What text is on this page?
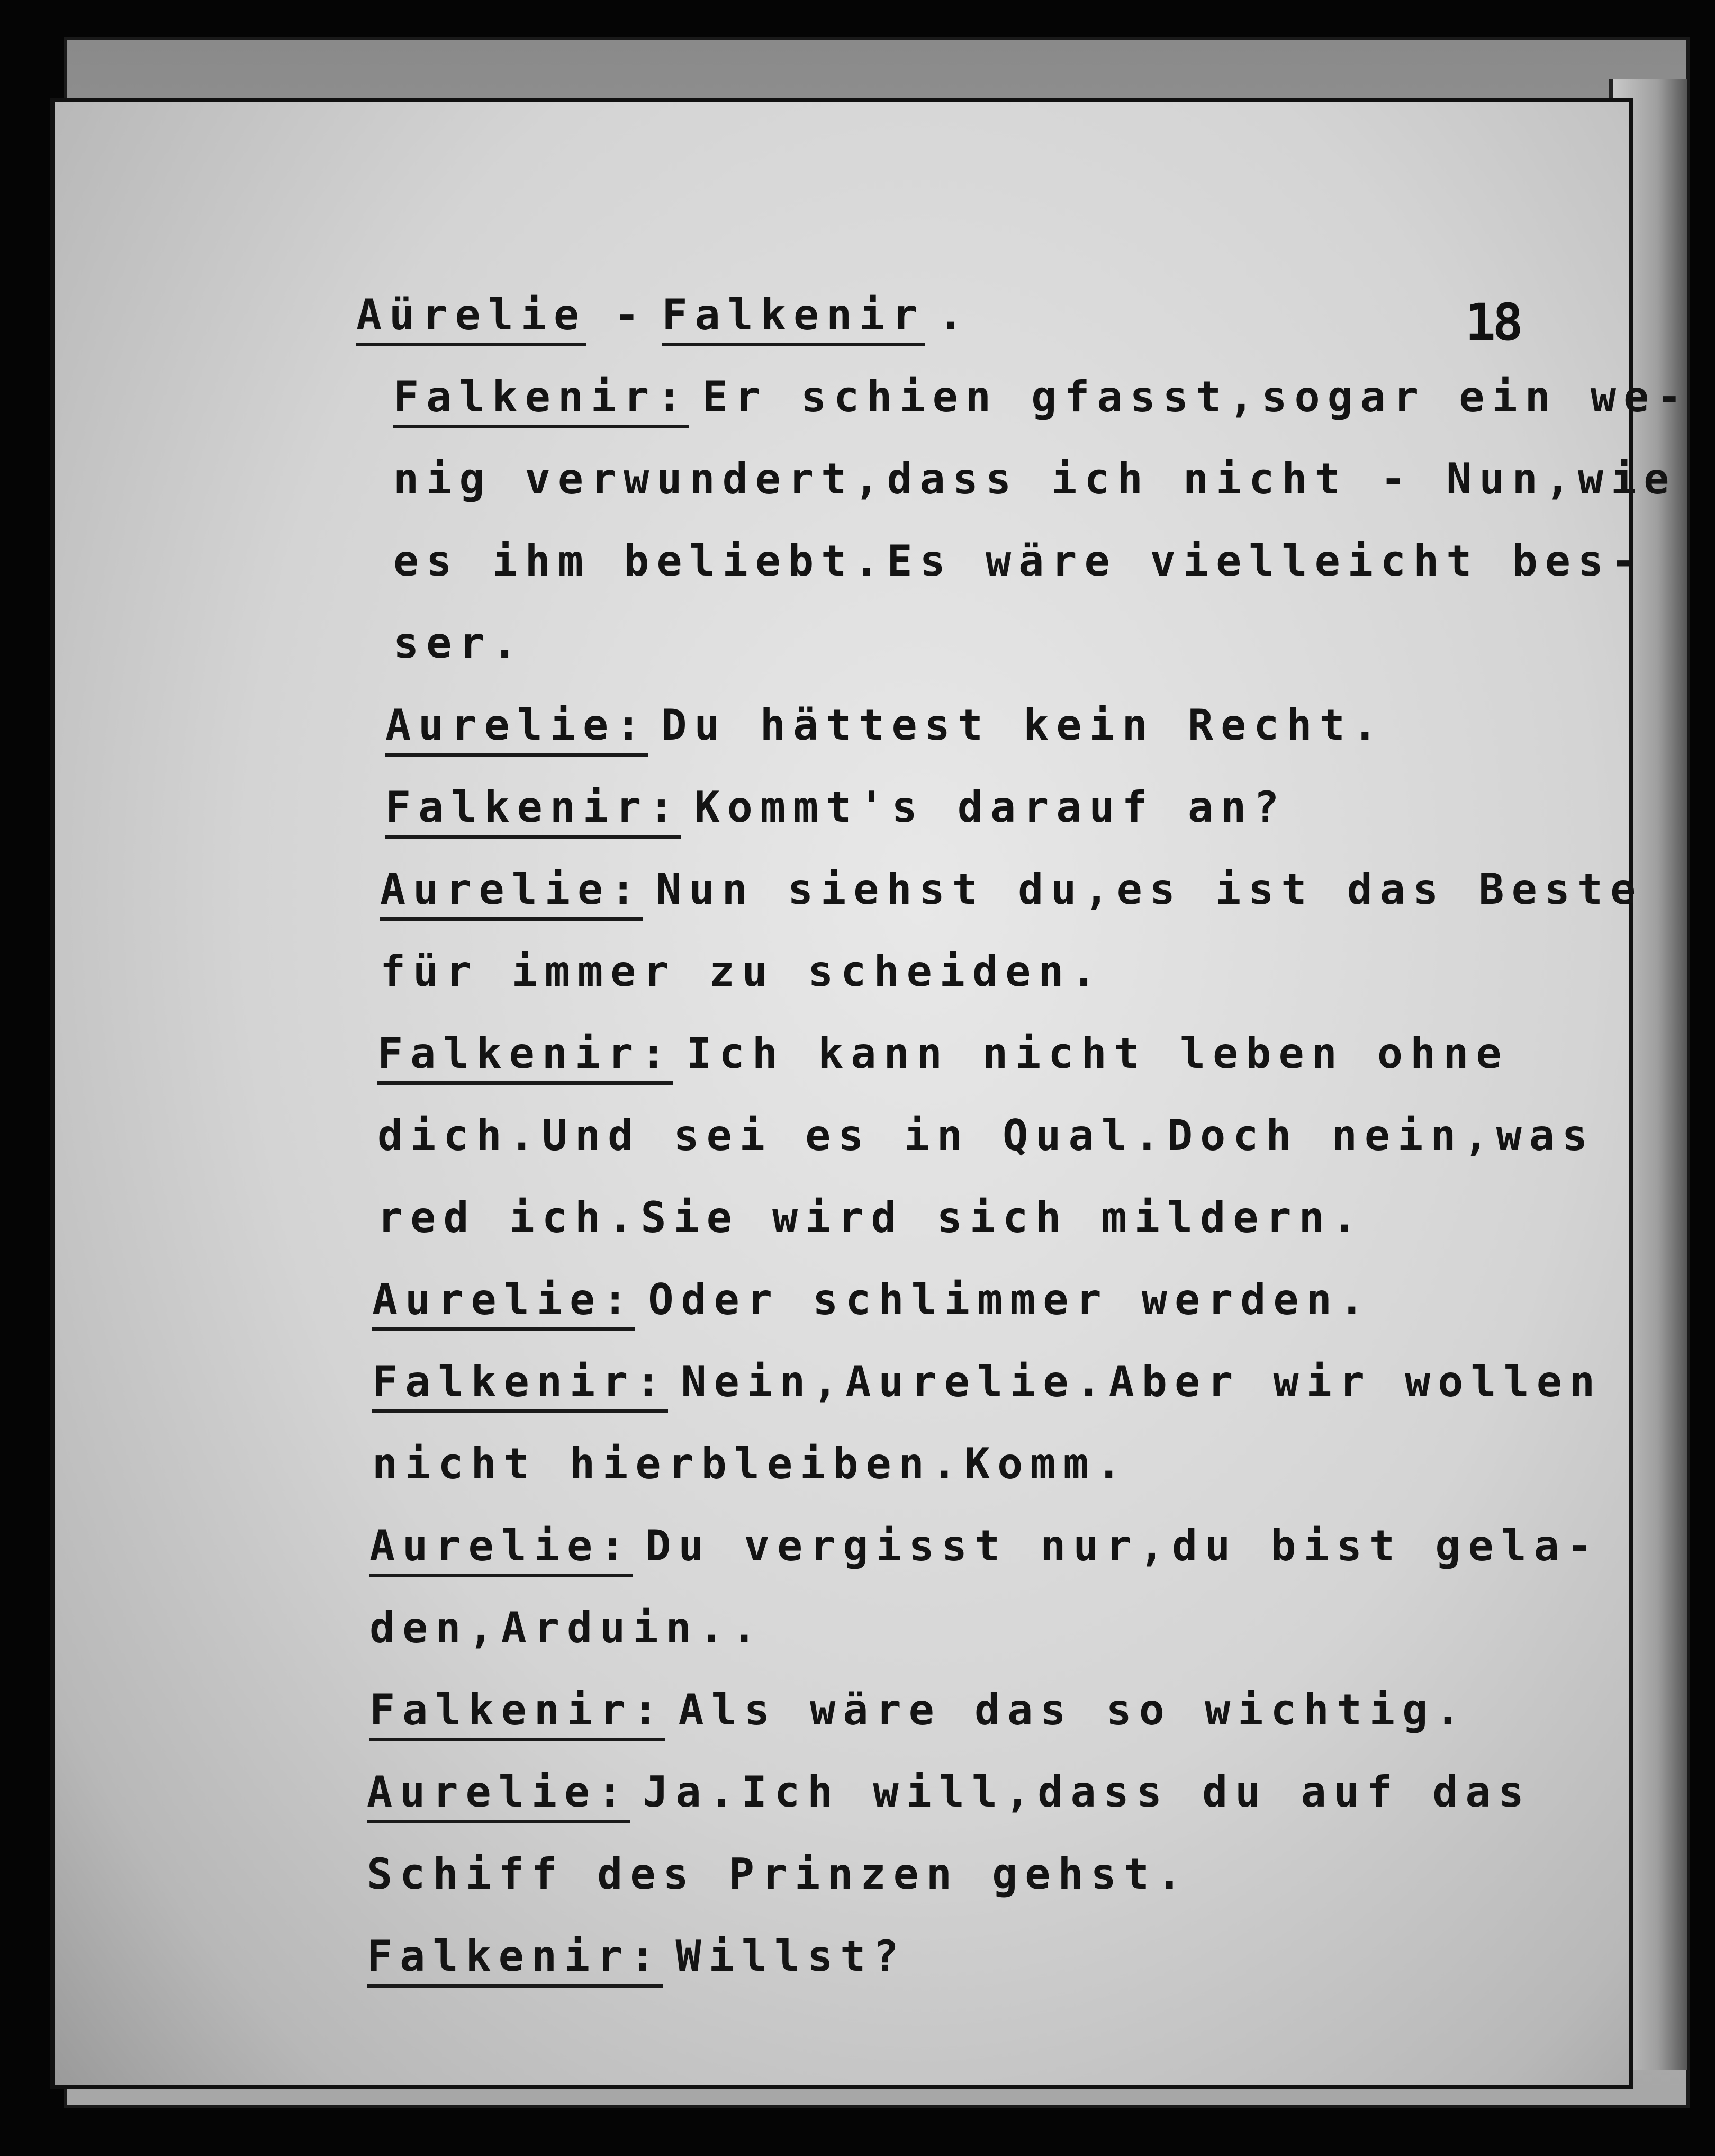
18
Aürelie - Falkenir .
Falkenir: Er schien gfasst,sogar ein we-
nig verwundert,dass ich nicht - Nun,wie
es ihm beliebt.Es wäre vielleicht bes-
ser.
Aurelie: Du hättest kein Recht.
Falkenir: Kommt's darauf an?
Aurelie: Nun siehst du,es ist das Beste
für immer zu scheiden.
Falkenir: Ich kann nicht leben ohne
dich.Und sei es in Qual.Doch nein,was
red ich.Sie wird sich mildern.
Aurelie: Oder schlimmer werden.
Falkenir: Nein,Aurelie.Aber wir wollen
nicht hierbleiben.Komm.
Aurelie: Du vergisst nur,du bist gela-
den,Arduin..
Falkenir: Als wäre das so wichtig.
Aurelie: Ja.Ich will,dass du auf das
Schiff des Prinzen gehst.
Falkenir: Willst?
